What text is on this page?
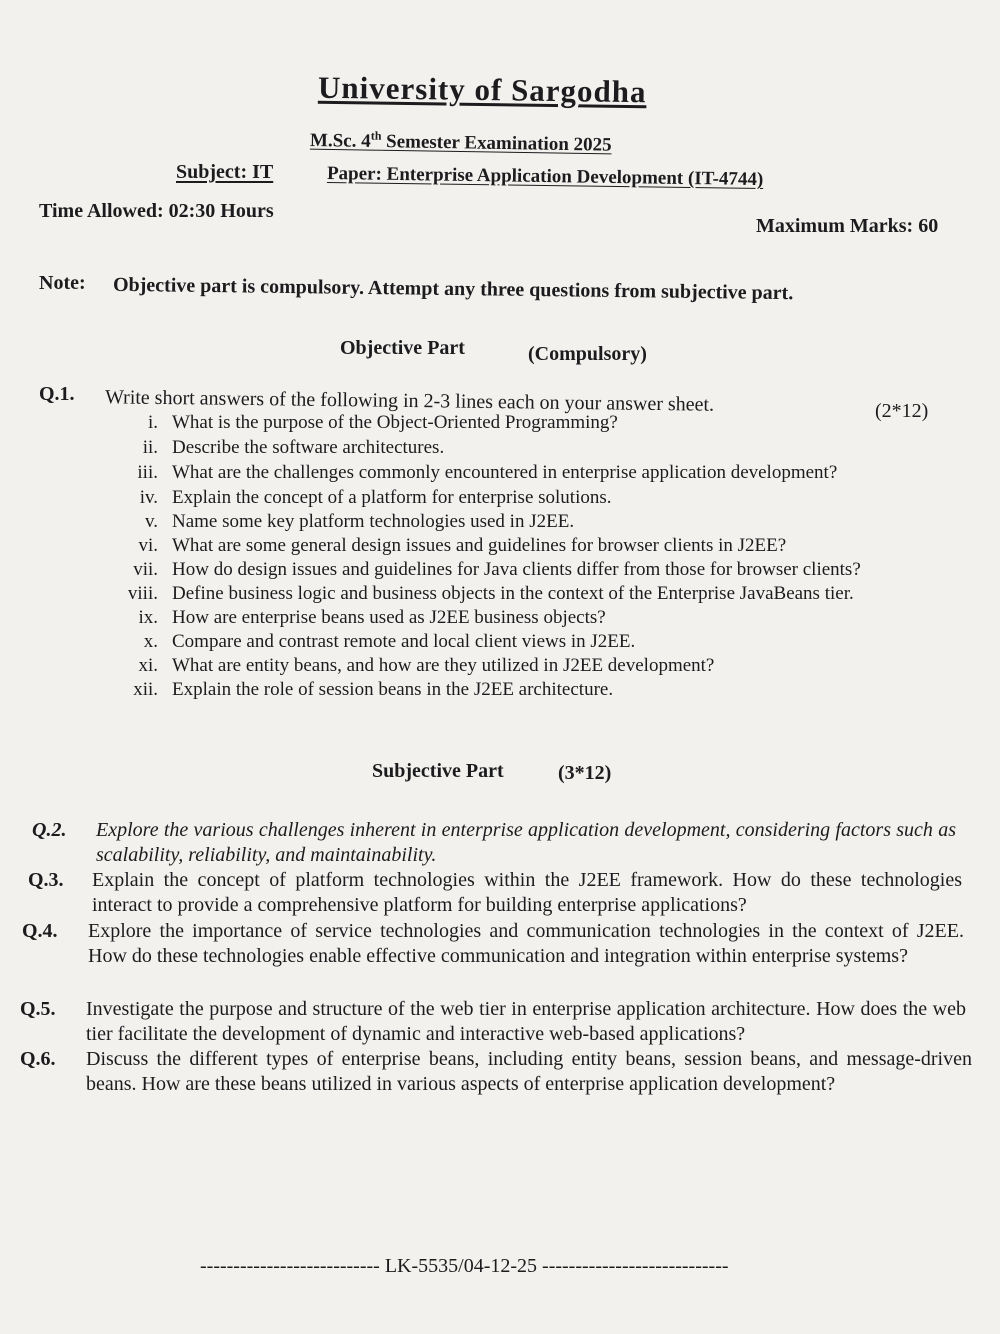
University of Sargodha
M.Sc. 4th Semester Examination 2025
Subject: IT	Paper: Enterprise Application Development (IT-4744)
Time Allowed: 02:30 Hours
Maximum Marks: 60
Note: Objective part is compulsory. Attempt any three questions from subjective part.
Objective Part	(Compulsory)
Q.1. Write short answers of the following in 2-3 lines each on your answer sheet.	(2*12)
i. What is the purpose of the Object-Oriented Programming?
ii. Describe the software architectures.
iii. What are the challenges commonly encountered in enterprise application development?
iv. Explain the concept of a platform for enterprise solutions.
v. Name some key platform technologies used in J2EE.
vi. What are some general design issues and guidelines for browser clients in J2EE?
vii. How do design issues and guidelines for Java clients differ from those for browser clients?
viii. Define business logic and business objects in the context of the Enterprise JavaBeans tier.
ix. How are enterprise beans used as J2EE business objects?
x. Compare and contrast remote and local client views in J2EE.
xi. What are entity beans, and how are they utilized in J2EE development?
xii. Explain the role of session beans in the J2EE architecture.
Subjective Part	(3*12)
Q.2. Explore the various challenges inherent in enterprise application development, considering factors such as scalability, reliability, and maintainability.
Q.3. Explain the concept of platform technologies within the J2EE framework. How do these technologies interact to provide a comprehensive platform for building enterprise applications?
Q.4. Explore the importance of service technologies and communication technologies in the context of J2EE. How do these technologies enable effective communication and integration within enterprise systems?
Q.5. Investigate the purpose and structure of the web tier in enterprise application architecture. How does the web tier facilitate the development of dynamic and interactive web-based applications?
Q.6. Discuss the different types of enterprise beans, including entity beans, session beans, and message-driven beans. How are these beans utilized in various aspects of enterprise application development?
--------------------------- LK-5535/04-12-25 ----------------------------
